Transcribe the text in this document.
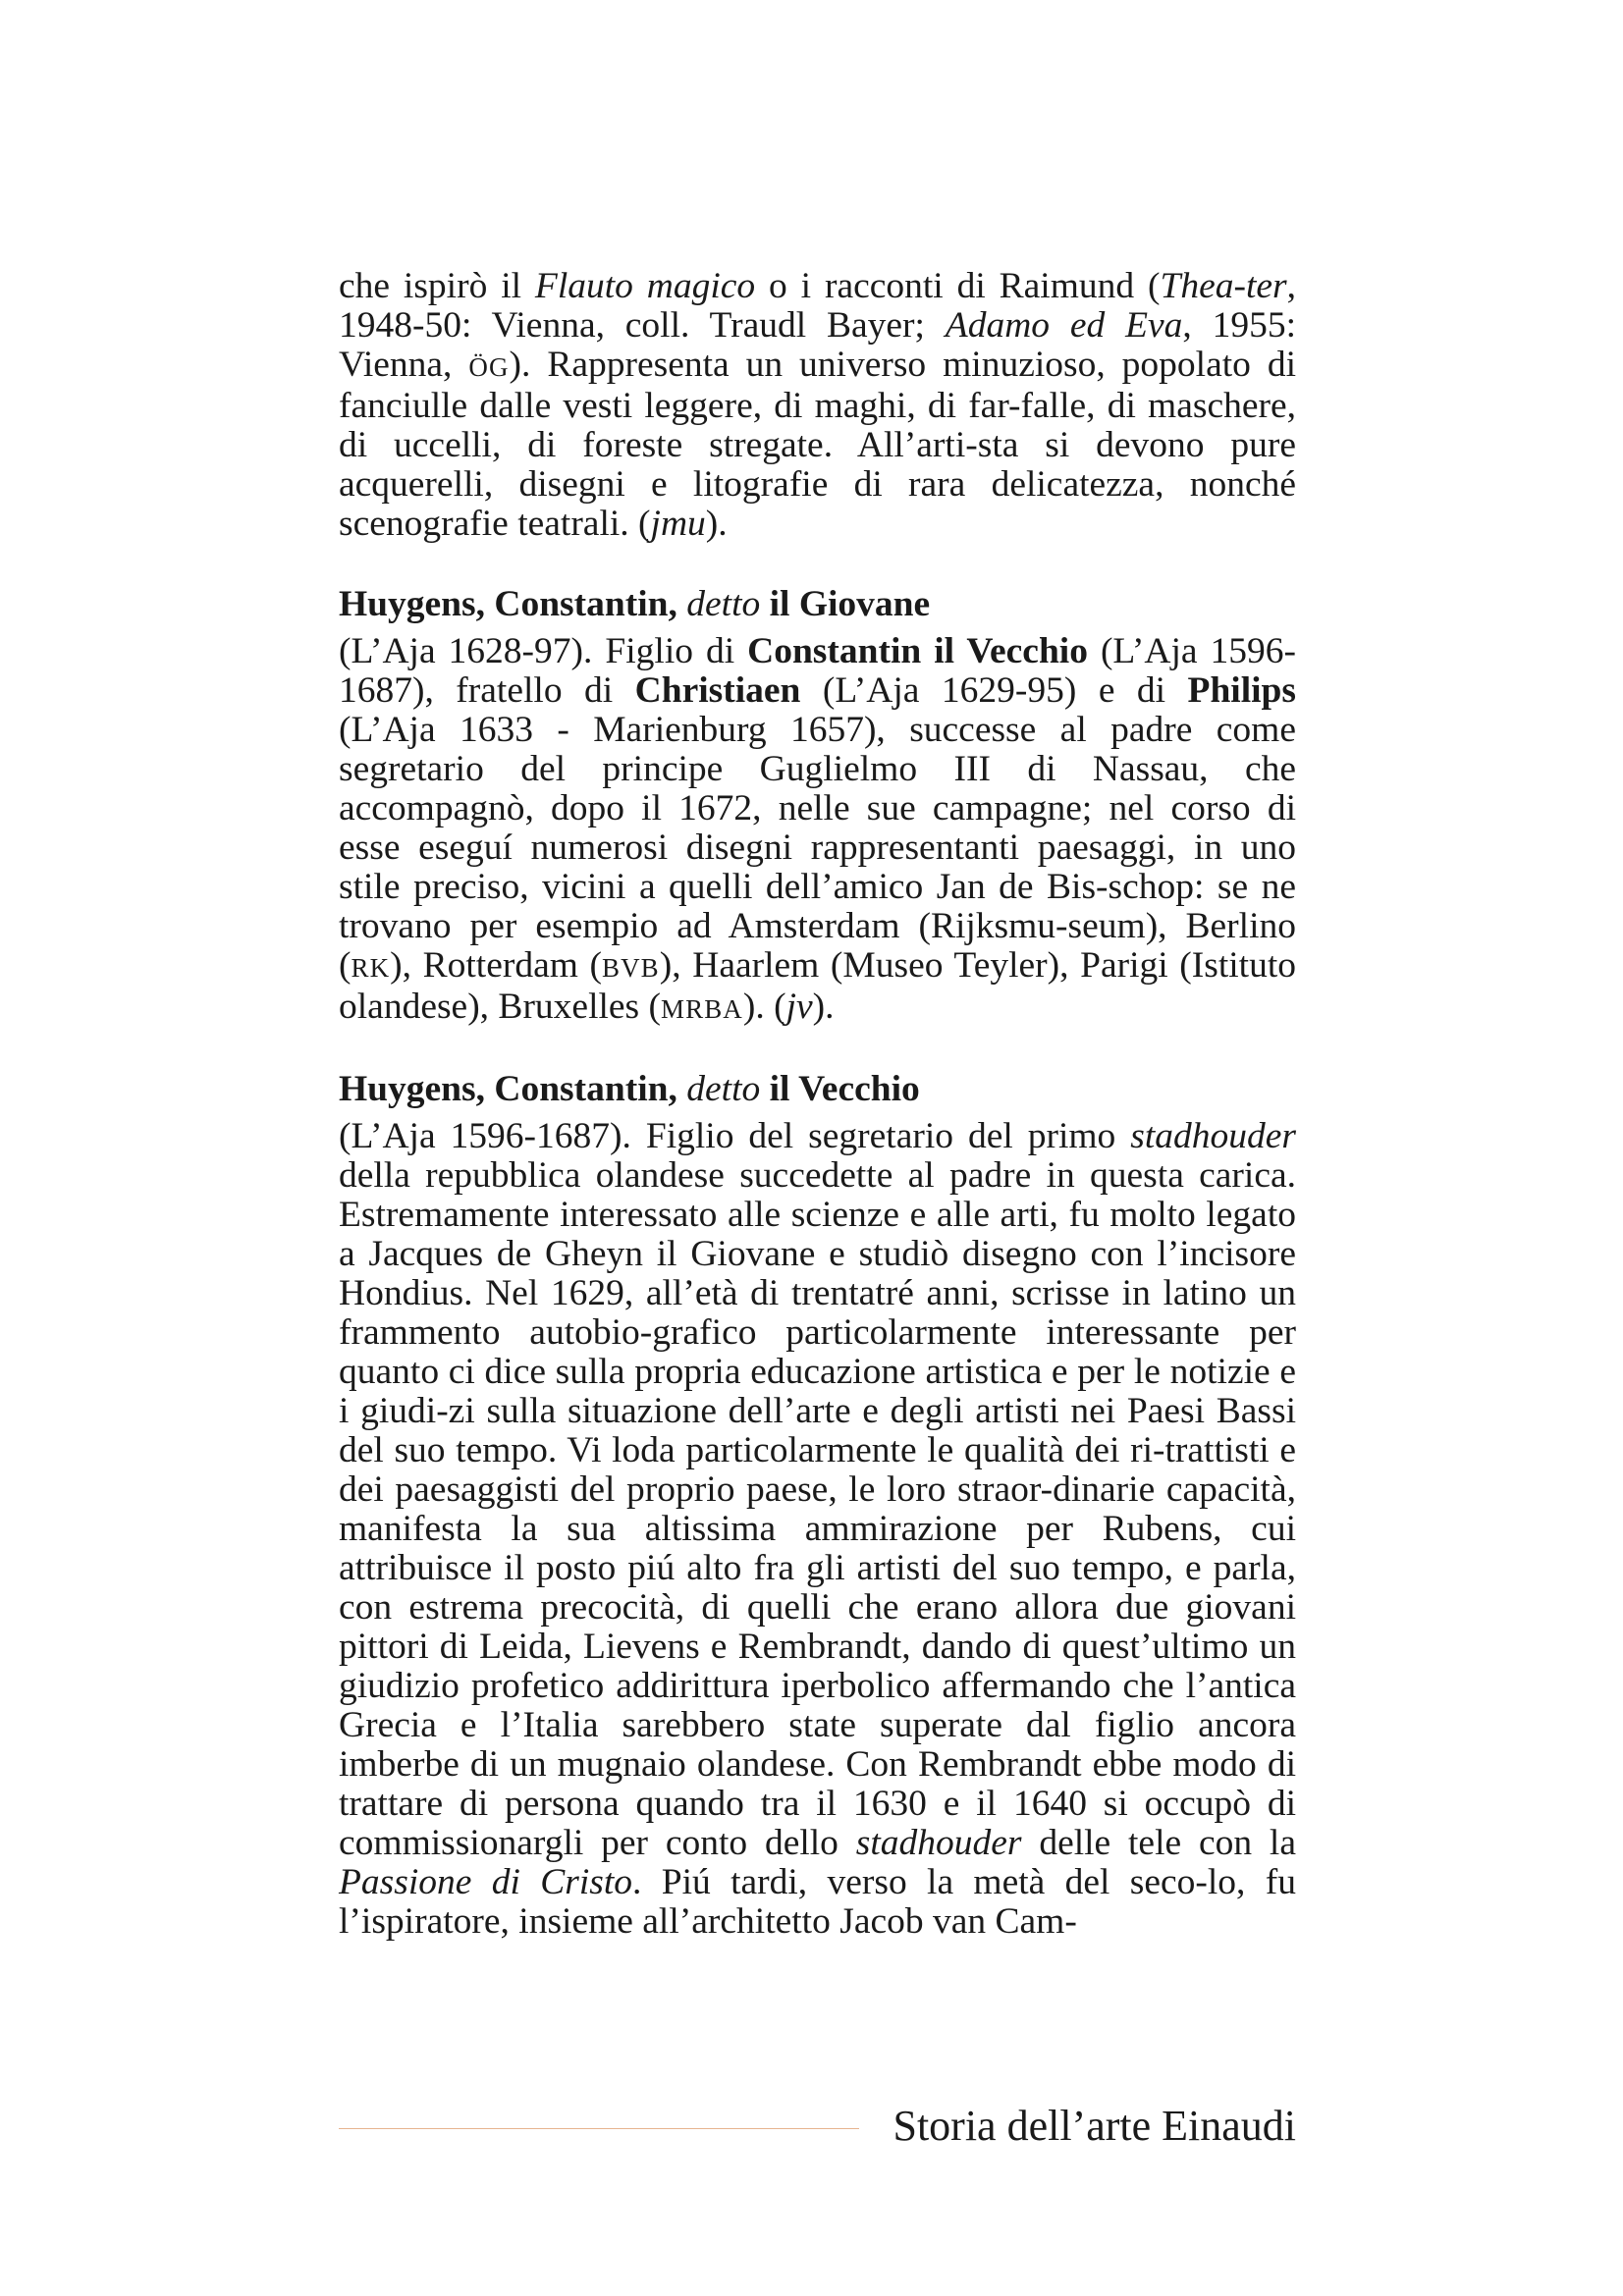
che ispirò il Flauto magico o i racconti di Raimund (Thea-ter, 1948-50: Vienna, coll. Traudl Bayer; Adamo ed Eva, 1955: Vienna, ÖG). Rappresenta un universo minuzioso, popolato di fanciulle dalle vesti leggere, di maghi, di far-falle, di maschere, di uccelli, di foreste stregate. All’arti-sta si devono pure acquerelli, disegni e litografie di rara delicatezza, nonché scenografie teatrali. (jmu).

Huygens, Constantin, detto il Giovane

(L’Aja 1628-97). Figlio di Constantin il Vecchio (L’Aja 1596-1687), fratello di Christiaen (L’Aja 1629-95) e di Philips (L’Aja 1633 - Marienburg 1657), successe al padre come segretario del principe Guglielmo III di Nassau, che accompagnò, dopo il 1672, nelle sue campagne; nel corso di esse eseguí numerosi disegni rappresentanti paesaggi, in uno stile preciso, vicini a quelli dell’amico Jan de Bis-schop: se ne trovano per esempio ad Amsterdam (Rijksmu-seum), Berlino (RK), Rotterdam (BVB), Haarlem (Museo Teyler), Parigi (Istituto olandese), Bruxelles (MRBA). (jv).

Huygens, Constantin, detto il Vecchio

(L’Aja 1596-1687). Figlio del segretario del primo stadhouder della repubblica olandese succedette al padre in questa carica. Estremamente interessato alle scienze e alle arti, fu molto legato a Jacques de Gheyn il Giovane e studiò disegno con l’incisore Hondius. Nel 1629, all’età di trentatré anni, scrisse in latino un frammento autobio-grafico particolarmente interessante per quanto ci dice sulla propria educazione artistica e per le notizie e i giudi-zi sulla situazione dell’arte e degli artisti nei Paesi Bassi del suo tempo. Vi loda particolarmente le qualità dei ri-trattisti e dei paesaggisti del proprio paese, le loro straor-dinarie capacità, manifesta la sua altissima ammirazione per Rubens, cui attribuisce il posto piú alto fra gli artisti del suo tempo, e parla, con estrema precocità, di quelli che erano allora due giovani pittori di Leida, Lievens e Rembrandt, dando di quest’ultimo un giudizio profetico addirittura iperbolico affermando che l’antica Grecia e l’Italia sarebbero state superate dal figlio ancora imberbe di un mugnaio olandese. Con Rembrandt ebbe modo di trattare di persona quando tra il 1630 e il 1640 si occupò di commissionargli per conto dello stadhouder delle tele con la Passione di Cristo. Piú tardi, verso la metà del seco-lo, fu l’ispiratore, insieme all’architetto Jacob van Cam-

Storia dell’arte Einaudi
